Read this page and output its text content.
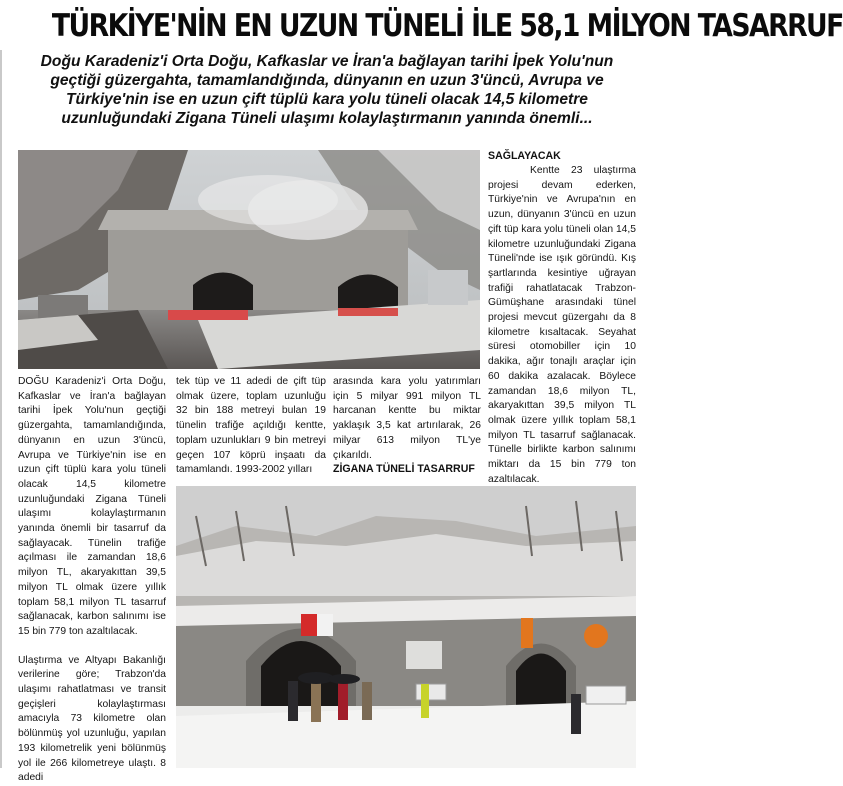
TÜRKİYE'NİN EN UZUN TÜNELİ İLE 58,1 MİLYON TASARRUF

Doğu Karadeniz'i Orta Doğu, Kafkaslar ve İran'a bağlayan tarihi İpek Yolu'nun geçtiği güzergahta, tamamlandığında, dünyanın en uzun 3'üncü, Avrupa ve Türkiye'nin ise en uzun çift tüplü kara yolu tüneli olacak 14,5 kilometre uzunluğundaki Zigana Tüneli ulaşımı kolaylaştırmanın yanında önemli...

SAĞLAYACAK

Kentte 23 ulaştırma projesi devam ederken, Türkiye'nin ve Avrupa'nın en uzun, dünyanın 3'üncü en uzun çift tüp kara yolu tüneli olan 14,5 kilometre uzunluğundaki Zigana Tüneli'nde ise ışık göründü. Kış şartlarında kesintiye uğrayan trafiği rahatlatacak Trabzon-Gümüşhane arasındaki tünel projesi mevcut güzergahı da 8 kilometre kısaltacak. Seyahat süresi otomobiller için 10 dakika, ağır tonajlı araçlar için 60 dakika azalacak. Böylece zamandan 18,6 milyon TL, akaryakıttan 39,5 milyon TL olmak üzere yıllık toplam 58,1 milyon TL tasarruf sağlanacak. Tünelle birlikte karbon salınımı miktarı da 15 bin 779 ton azaltılacak.

DOĞU Karadeniz'i Orta Doğu, Kafkaslar ve İran'a bağlayan tarihi İpek Yolu'nun geçtiği güzergahta, tamamlandığında, dünyanın en uzun 3'üncü, Avrupa ve Türkiye'nin ise en uzun çift tüplü kara yolu tüneli olacak 14,5 kilometre uzunluğundaki Zigana Tüneli ulaşımı kolaylaştırmanın yanında önemli bir tasarruf da sağlayacak. Tünelin trafiğe açılması ile zamandan 18,6 milyon TL, akaryakıttan 39,5 milyon TL olmak üzere yıllık toplam 58,1 milyon TL tasarruf sağlanacak, karbon salınımı ise 15 bin 779 ton azaltılacak.

Ulaştırma ve Altyapı Bakanlığı verilerine göre; Trabzon'da ulaşımı rahatlatması ve transit geçişleri kolaylaştırması amacıyla 73 kilometre olan bölünmüş yol uzunluğu, yapılan 193 kilometrelik yeni bölünmüş yol ile 266 kilometreye ulaştı. 8 adedi

tek tüp ve 11 adedi de çift tüp olmak üzere, toplam uzunluğu 32 bin 188 metreyi bulan 19 tünelin trafiğe açıldığı kentte, toplam uzunlukları 9 bin metreyi geçen 107 köprü inşaatı da tamamlandı. 1993-2002 yılları

arasında kara yolu yatırımları için 5 milyar 991 milyon TL harcanan kentte bu miktar yaklaşık 3,5 kat artırılarak, 26 milyar 613 milyon TL'ye çıkarıldı.

ZİGANA TÜNELİ TASARRUF
